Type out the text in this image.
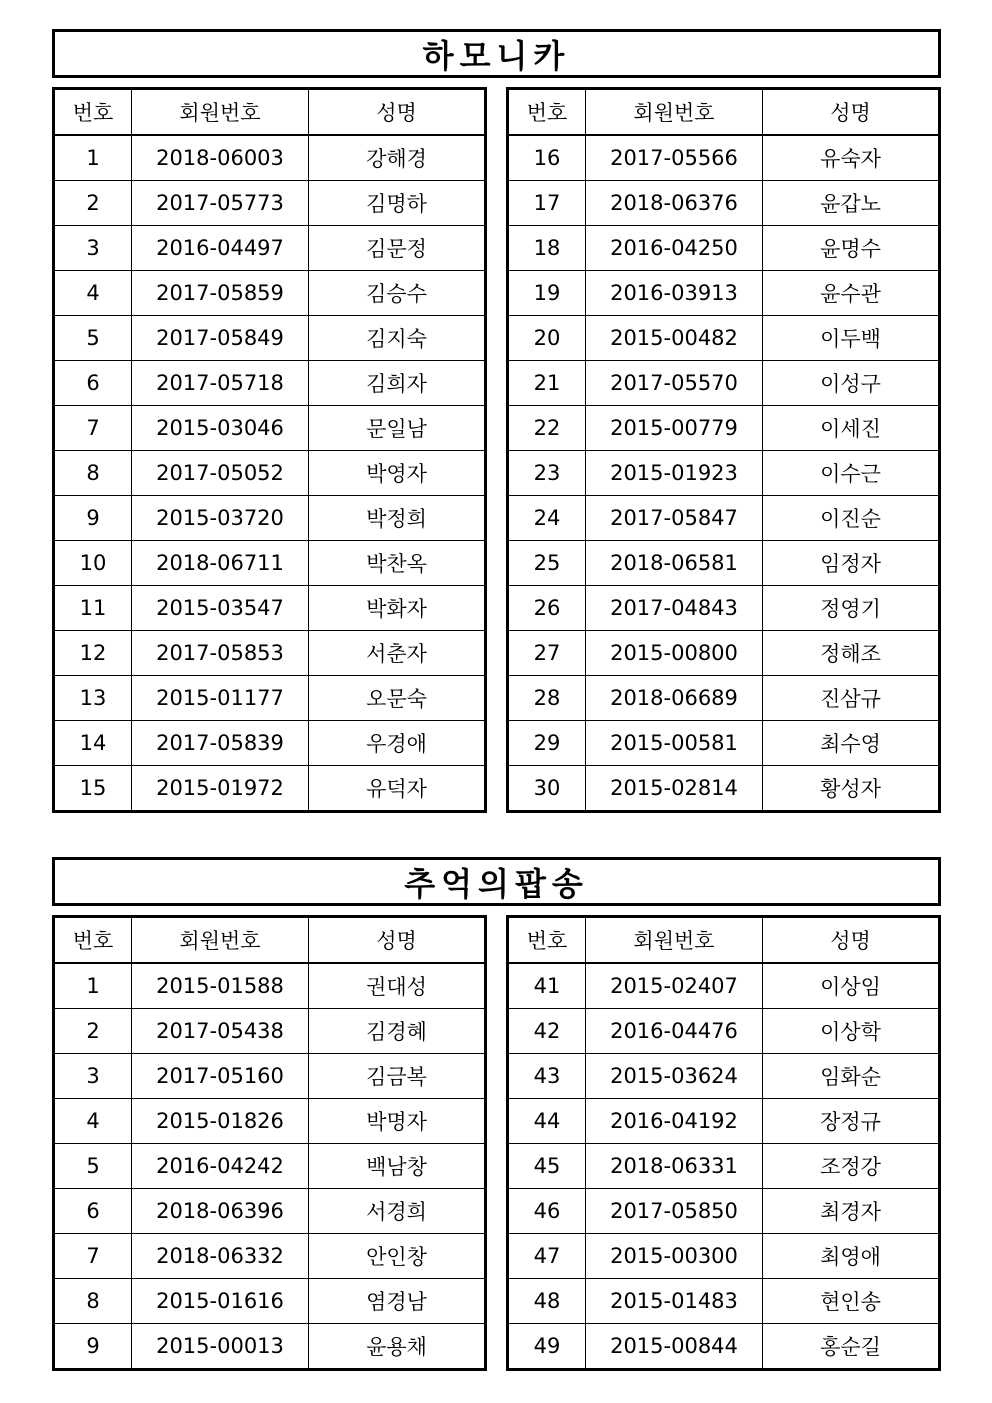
하모니카
번호	회원번호	성명
1	2018-06003	강해경
2	2017-05773	김명하
3	2016-04497	김문정
4	2017-05859	김승수
5	2017-05849	김지숙
6	2017-05718	김희자
7	2015-03046	문일남
8	2017-05052	박영자
9	2015-03720	박정희
10	2018-06711	박찬옥
11	2015-03547	박화자
12	2017-05853	서춘자
13	2015-01177	오문숙
14	2017-05839	우경애
15	2015-01972	유덕자
번호	회원번호	성명
16	2017-05566	유숙자
17	2018-06376	윤갑노
18	2016-04250	윤명수
19	2016-03913	윤수관
20	2015-00482	이두백
21	2017-05570	이성구
22	2015-00779	이세진
23	2015-01923	이수근
24	2017-05847	이진순
25	2018-06581	임정자
26	2017-04843	정영기
27	2015-00800	정해조
28	2018-06689	진삼규
29	2015-00581	최수영
30	2015-02814	황성자
추억의팝송
번호	회원번호	성명
1	2015-01588	권대성
2	2017-05438	김경혜
3	2017-05160	김금복
4	2015-01826	박명자
5	2016-04242	백남창
6	2018-06396	서경희
7	2018-06332	안인창
8	2015-01616	염경남
9	2015-00013	윤용채
번호	회원번호	성명
41	2015-02407	이상임
42	2016-04476	이상학
43	2015-03624	임화순
44	2016-04192	장정규
45	2018-06331	조정강
46	2017-05850	최경자
47	2015-00300	최영애
48	2015-01483	현인송
49	2015-00844	홍순길
